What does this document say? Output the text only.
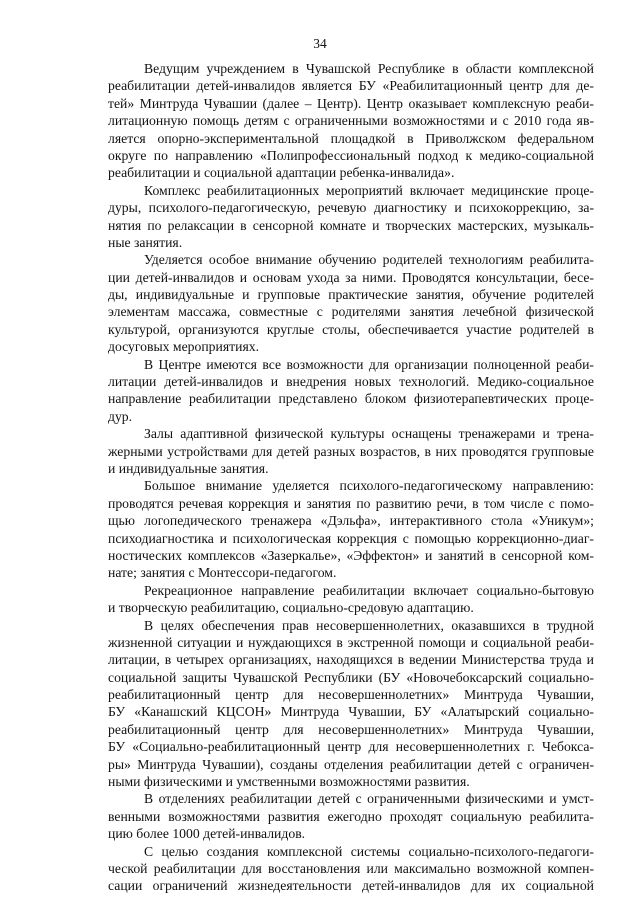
34
Ведущим учреждением в Чувашской Республике в области комплексной
реабилитации детей-инвалидов является БУ «Реабилитационный центр для де-
тей» Минтруда Чувашии (далее – Центр). Центр оказывает комплексную реаби-
литационную помощь детям с ограниченными возможностями и с 2010 года яв-
ляется опорно-экспериментальной площадкой в Приволжском федеральном
округе по направлению «Полипрофессиональный подход к медико-социальной
реабилитации и социальной адаптации ребенка-инвалида».
Комплекс реабилитационных мероприятий включает медицинские проце-
дуры, психолого-педагогическую, речевую диагностику и психокоррекцию, за-
нятия по релаксации в сенсорной комнате и творческих мастерских, музыкаль-
ные занятия.
Уделяется особое внимание обучению родителей технологиям реабилита-
ции детей-инвалидов и основам ухода за ними. Проводятся консультации, бесе-
ды, индивидуальные и групповые практические занятия, обучение родителей
элементам массажа, совместные с родителями занятия лечебной физической
культурой, организуются круглые столы, обеспечивается участие родителей в
досуговых мероприятиях.
В Центре имеются все возможности для организации полноценной реаби-
литации детей-инвалидов и внедрения новых технологий. Медико-социальное
направление реабилитации представлено блоком физиотерапевтических проце-
дур.
Залы адаптивной физической культуры оснащены тренажерами и трена-
жерными устройствами для детей разных возрастов, в них проводятся групповые
и индивидуальные занятия.
Большое внимание уделяется психолого-педагогическому направлению:
проводятся речевая коррекция и занятия по развитию речи, в том числе с помо-
щью логопедического тренажера «Дэльфа», интерактивного стола «Уникум»;
психодиагностика и психологическая коррекция с помощью коррекционно-диаг-
ностических комплексов «Зазеркалье», «Эффектон» и занятий в сенсорной ком-
нате; занятия с Монтессори-педагогом.
Рекреационное направление реабилитации включает социально-бытовую
и творческую реабилитацию, социально-средовую адаптацию.
В целях обеспечения прав несовершеннолетних, оказавшихся в трудной
жизненной ситуации и нуждающихся в экстренной помощи и социальной реаби-
литации, в четырех организациях, находящихся в ведении Министерства труда и
социальной защиты Чувашской Республики (БУ «Новочебоксарский социально-
реабилитационный центр для несовершеннолетних» Минтруда Чувашии,
БУ «Канашский КЦСОН» Минтруда Чувашии, БУ «Алатырский социально-
реабилитационный центр для несовершеннолетних» Минтруда Чувашии,
БУ «Социально-реабилитационный центр для несовершеннолетних г. Чебокса-
ры» Минтруда Чувашии), созданы отделения реабилитации детей с ограничен-
ными физическими и умственными возможностями развития.
В отделениях реабилитации детей с ограниченными физическими и умст-
венными возможностями развития ежегодно проходят социальную реабилита-
цию более 1000 детей-инвалидов.
С целью создания комплексной системы социально-психолого-педагоги-
ческой реабилитации для восстановления или максимально возможной компен-
сации ограничений жизнедеятельности детей-инвалидов для их социальной
